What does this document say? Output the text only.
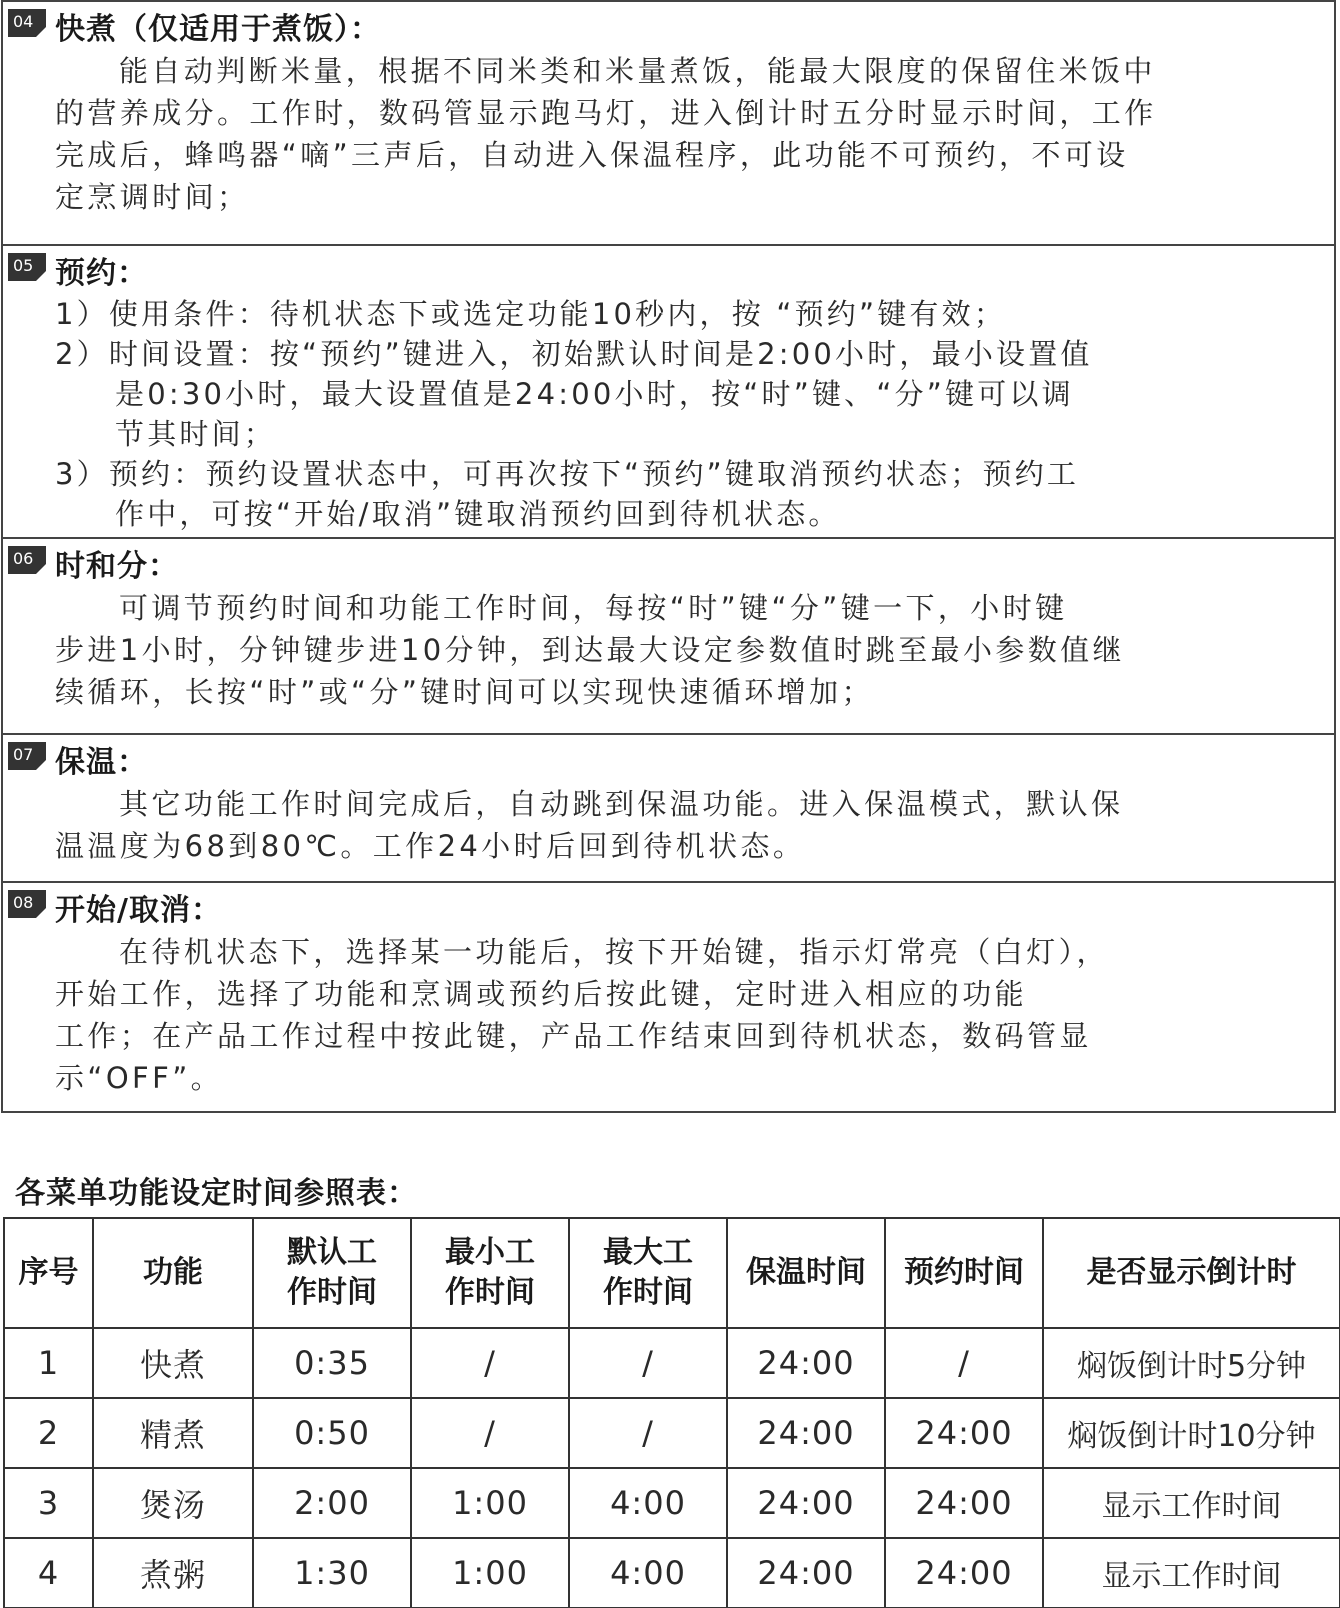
04 快煮（仅适用于煮饭）：
能自动判断米量，根据不同米类和米量煮饭，能最大限度的保留住米饭中
的营养成分。工作时，数码管显示跑马灯，进入倒计时五分时显示时间，工作
完成后，蜂鸣器“嘀”三声后，自动进入保温程序，此功能不可预约，不可设
定烹调时间；
05 预约：
1）使用条件：待机状态下或选定功能10秒内，按 “预约”键有效；
2）时间设置：按“预约”键进入，初始默认时间是2:00小时，最小设置值
是0:30小时，最大设置值是24:00小时，按“时”键、“分”键可以调
节其时间；
3）预约：预约设置状态中，可再次按下“预约”键取消预约状态；预约工
作中，可按“开始/取消”键取消预约回到待机状态。
06 时和分：
可调节预约时间和功能工作时间，每按“时”键“分”键一下，小时键
步进1小时，分钟键步进10分钟，到达最大设定参数值时跳至最小参数值继
续循环，长按“时”或“分”键时间可以实现快速循环增加；
07 保温：
其它功能工作时间完成后，自动跳到保温功能。进入保温模式，默认保
温温度为68到80℃。工作24小时后回到待机状态。
08 开始/取消：
在待机状态下，选择某一功能后，按下开始键，指示灯常亮（白灯），
开始工作，选择了功能和烹调或预约后按此键，定时进入相应的功能
工作；在产品工作过程中按此键，产品工作结束回到待机状态，数码管显
示“OFF”。
各菜单功能设定时间参照表：
序号	功能	默认工
作时间	最小工
作时间	最大工
作时间	保温时间	预约时间	是否显示倒计时
1	快煮	0:35	/	/	24:00	/	焖饭倒计时5分钟
2	精煮	0:50	/	/	24:00	24:00	焖饭倒计时10分钟
3	煲汤	2:00	1:00	4:00	24:00	24:00	显示工作时间
4	煮粥	1:30	1:00	4:00	24:00	24:00	显示工作时间
